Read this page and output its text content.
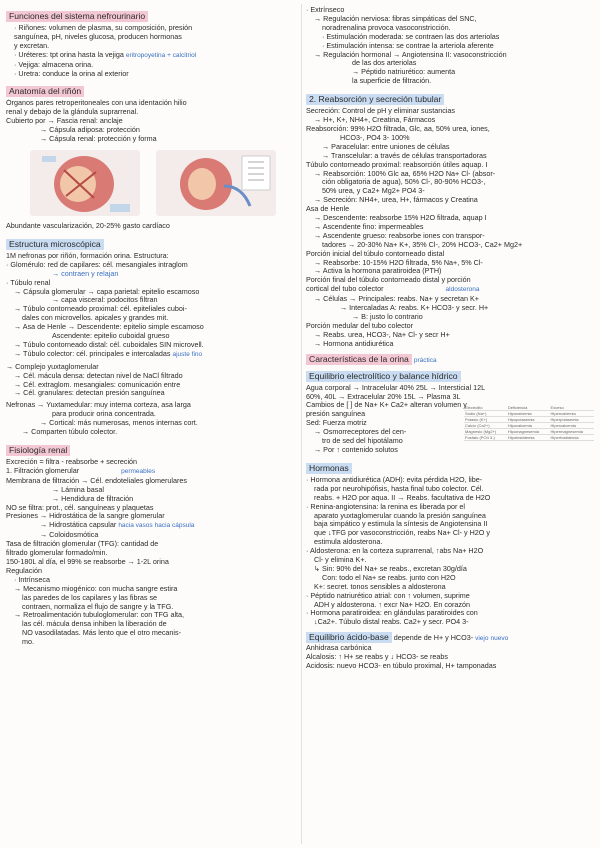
Funciones del sistema nefrourinario
· Riñones: volumen de plasma, su composición, presión
sanguínea, pH, niveles glucosa, producen hormonas
y excretan.
· Uréteres: tpt orina hasta la vejiga eritropoyetina + calcitriol
· Vejiga: almacena orina.
· Uretra: conduce la orina al exterior
Anatomía del riñón
Órganos pares retroperitoneales con una identación hilio
renal y debajo de la glándula suprarrenal.
Cubierto por → Fascia renal: anclaje
→ Cápsula adiposa: protección
→ Cápsula renal: protección y forma
Abundante vascularización, 20-25% gasto cardíaco
Estructura microscópica
1M nefronas por riñón, formación orina. Estructura:
· Glomérulo: red de capilares: cél. mesangiales intraglom
→ contraen y relajan
· Túbulo renal
→ Cápsula glomerular → capa parietal: epitelio escamoso
→ capa visceral: podocitos filtran
→ Túbulo contorneado proximal: cél. epiteliales cuboi-
dales con microvellos. apicales y grandes mit.
→ Asa de Henle → Descendente: epitelio simple escamoso
Ascendente: epitelio cuboidal grueso
→ Túbulo contorneado distal: cél. cuboidales SIN microvell.
→ Túbulo colector: cél. principales e intercaladas ajuste fino
→ Complejo yuxtaglomerular
→ Cél. mácula densa: detectan nivel de NaCl filtrado
→ Cél. extraglom. mesangiales: comunicación entre
→ Cél. granulares: detectan presión sanguínea
Nefronas → Yuxtamedular: muy interna corteza, asa larga
para producir orina concentrada.
→ Cortical: más numerosas, menos internas cort.
→ Comparten túbulo colector.
Fisiología renal
Excreción = filtra - reabsorbe + secreción
1. Filtración glomerular	permeables
Membrana de filtración → Cél. endoteliales glomerulares
→ Lámina basal
→ Hendidura de filtración
NO se filtra: prot., cél. sanguíneas y plaquetas
Presiones → Hidrostática de la sangre glomerular
→ Hidrostática capsular hacia vasos hacia cápsula
→ Coloidosmótica
Tasa de filtración glomerular (TFG): cantidad de
filtrado glomerular formado/min.
150-180L al día, el 99% se reabsorbe → 1-2L orina
Regulación
· Intrínseca
→ Mecanismo miogénico: con mucha sangre estira
las paredes de los capilares y las fibras se
contraen, normaliza el flujo de sangre y la TFG.
→ Retroalimentación tubuloglomerular: con TFG alta,
las cél. mácula densa inhiben la liberación de
NO vasodilatadas. Más lento que el otro mecanis-
mo.
· Extrínseco
→ Regulación nerviosa: fibras simpáticas del SNC,
noradrenalina provoca vasoconstricción.
· Estimulación moderada: se contraen las dos arteriolas
· Estimulación intensa: se contrae la arteriola aferente
→ Regulación hormonal → Angiotensina II: vasoconstricción
de las dos arteriolas
→ Péptido natriurético: aumenta
la superficie de filtración.
2. Reabsorción y secreción tubular
Secreción: Control de pH y eliminar sustancias
→ H+, K+, NH4+, Creatina, Fármacos
Reabsorción: 99% H2O filtrada, Glc, aa, 50% urea, iones,
HCO3-, PO4 3- 100%
→ Paracelular: entre uniones de células
→ Transcelular: a través de células transportadoras
Túbulo contorneado proximal: reabsorción útiles aquap. I
→ Reabsorción: 100% Glc aa, 65% H2O Na+ Cl- (absor-
ción obligatoria de agua), 50% Cl-, 80-90% HCO3-,
50% urea, y Ca2+ Mg2+ PO4 3-
→ Secreción: NH4+, urea, H+, fármacos y Creatina
Asa de Henle
→ Descendente: reabsorbe 15% H2O filtrada, aquap I
→ Ascendente fino: impermeables
→ Ascendente grueso: reabsorbe iones con transpor-
tadores → 20-30% Na+ K+, 35% Cl-, 20% HCO3-, Ca2+ Mg2+
Porción inicial del túbulo contorneado distal
→ Reabsorbe: 10-15% H2O filtrada, 5% Na+, 5% Cl-
→ Activa la hormona paratiroidea (PTH)
Porción final del túbulo contorneado distal y porción
cortical del tubo colector	aldosterona
→ Células → Principales: reabs. Na+ y secretan K+
→ Intercaladas A: reabs. K+ HCO3- y secr. H+
→ B: justo lo contrario
Porción medular del tubo colector
→ Reabs. urea, HCO3-, Na+ Cl- y secr H+
→ Hormona antidiurética
Características de la orina práctica
Equilibrio electrolítico y balance hídrico
Agua corporal → Intracelular 40% 25L → Intersticial 12L
60%, 40L → Extracelular 20% 15L → Plasma 3L
Cambios de [ ] de Na+ K+ Ca2+ alteran volumen y
presión sanguínea
Sed: Fuerza motriz
→ Osmorreceptores del cen-
tro de sed del hipotálamo
→ Por ↑ contenido solutos
Electrolito	Deficiencia	Exceso
Sodio (Na+)	Hiponatremia	Hipernatremia
Potasio (K+)	Hipopotasemia	Hiperpotasemia
Calcio (Ca2+)	Hipocalcemia	Hipercalcemia
Magnesio (Mg2+)	Hipomagnesemia	Hipermagnesemia
Fosfato (PO4 3-)	Hipofosfatemia	Hiperfosfatemia
Hormonas
· Hormona antidiurética (ADH): evita pérdida H2O, libe-
rada por neurohipófisis, hasta final tubo colector. Cél.
reabs. + H2O por aqua. II → Reabs. facultativa de H2O
· Renina-angiotensina: la renina es liberada por el
aparato yuxtaglomerular cuando la presión sanguínea
baja simpático y estimula la síntesis de Angiotensina II
que ↓TFG por vasoconstricción, reabs Na+ Cl- y H2O y
estimula aldosterona.
· Aldosterona: en la corteza suprarrenal, ↑abs Na+ H2O
Cl- y elimina K+.
↳ Sin: 90% del Na+ se reabs., excretan 30g/día
Con: todo el Na+ se reabs. junto con H2O
K+: secret. tonos sensibles a aldosterona
· Péptido natriurético atrial: con ↑ volumen, suprime
ADH y aldosterona. ↑ excr Na+ H2O. En corazón
· Hormona paratiroidea: en glándulas paratiroides con
↓Ca2+. Túbulo distal reabs. Ca2+ y secr. PO4 3-
Equilibrio ácido-base depende de H+ y HCO3- viejo nuevo
Anhidrasa carbónica
Alcalosis: ↑ H+ se reabs y ↓ HCO3- se reabs
Acidosis: nuevo HCO3- en túbulo proximal, H+ tamponadas
